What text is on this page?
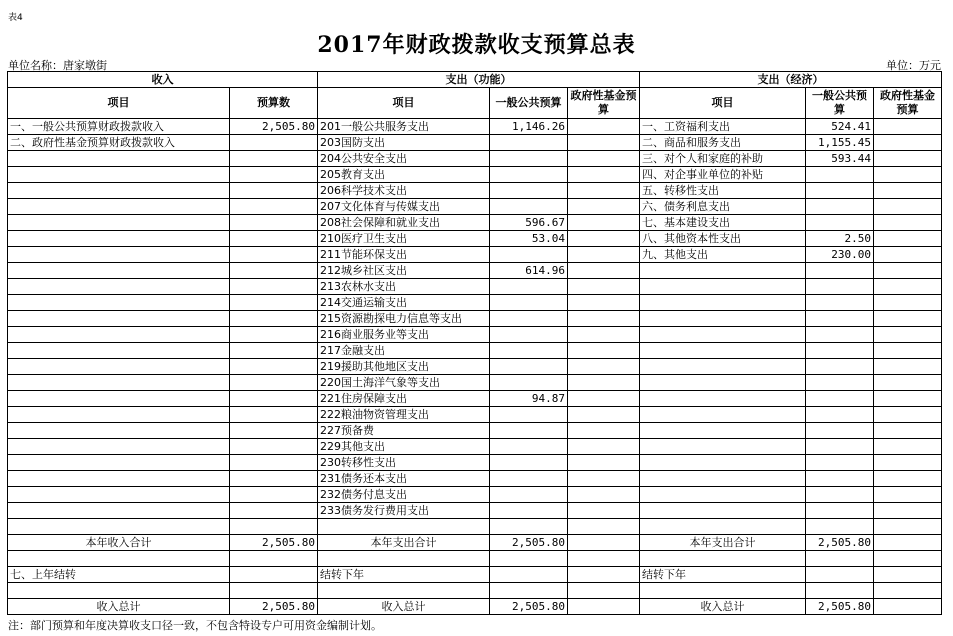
表4
2017年财政拨款收支预算总表
单位名称：唐家墩街	单位：万元
收入		支出（功能）			支出（经济）		
项目	预算数	项目	一般公共预算	政府性基金预算	项目	一般公共预算	政府性基金预算
一、一般公共预算财政拨款收入	2,505.80	201一般公共服务支出	1,146.26		一、工资福利支出	524.41	
二、政府性基金预算财政拨款收入		203国防支出			二、商品和服务支出	1,155.45	
		204公共安全支出			三、对个人和家庭的补助	593.44	
		205教育支出			四、对企事业单位的补贴		
		206科学技术支出			五、转移性支出		
		207文化体育与传媒支出			六、债务利息支出		
		208社会保障和就业支出	596.67		七、基本建设支出		
		210医疗卫生支出	53.04		八、其他资本性支出	2.50	
		211节能环保支出			九、其他支出	230.00	
		212城乡社区支出	614.96				
		213农林水支出					
		214交通运输支出					
		215资源勘探电力信息等支出					
		216商业服务业等支出					
		217金融支出					
		219援助其他地区支出					
		220国土海洋气象等支出					
		221住房保障支出	94.87				
		222粮油物资管理支出					
		227预备费					
		229其他支出					
		230转移性支出					
		231债务还本支出					
		232债务付息支出					
		233债务发行费用支出					

本年收入合计	2,505.80	本年支出合计	2,505.80		本年支出合计	2,505.80	

七、上年结转		结转下年			结转下年		

收入总计	2,505.80	收入总计	2,505.80		收入总计	2,505.80	
注：部门预算和年度决算收支口径一致，不包含特设专户可用资金编制计划。
